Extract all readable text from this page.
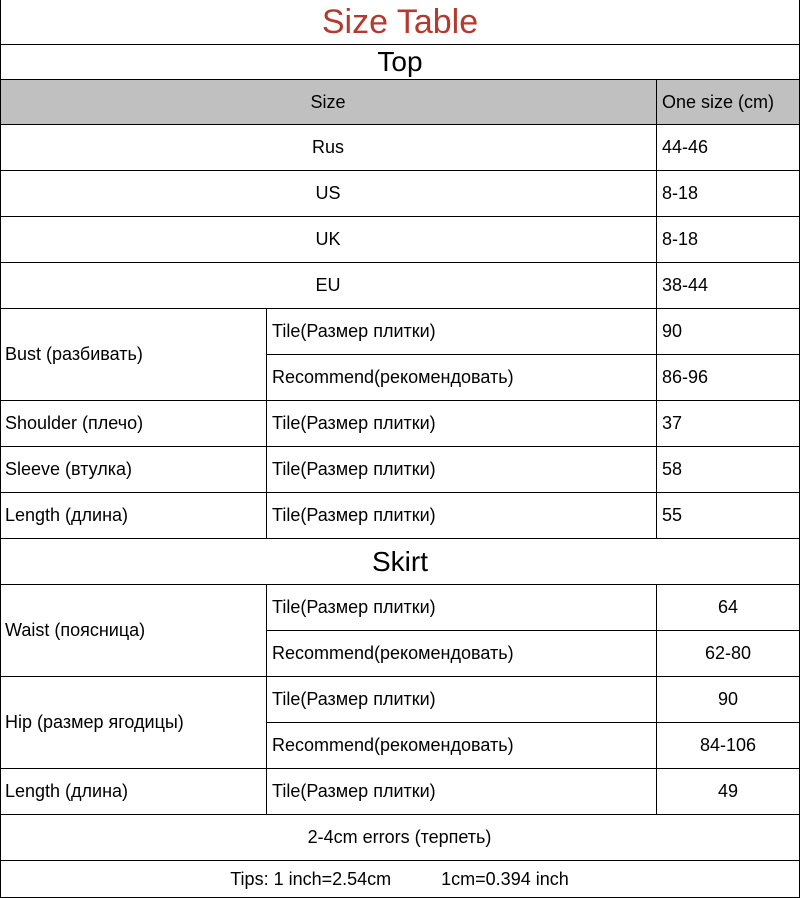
Size Table
Top
Size	One size (cm)
Rus	44-46
US	8-18
UK	8-18
EU	38-44
Bust (разбивать)
Tile(Размер плитки)	90
Recommend(рекомендовать)	86-96
Shoulder (плечо)	Tile(Размер плитки)	37
Sleeve (втулка)	Tile(Размер плитки)	58
Length (длина)	Tile(Размер плитки)	55
Skirt
Waist (поясница)
Tile(Размер плитки)	64
Recommend(рекомендовать)	62-80
Hip (размер ягодицы)
Tile(Размер плитки)	90
Recommend(рекомендовать)	84-106
Length (длина)	Tile(Размер плитки)	49
2-4cm errors (терпеть)
Tips: 1 inch=2.54cm	1cm=0.394 inch
